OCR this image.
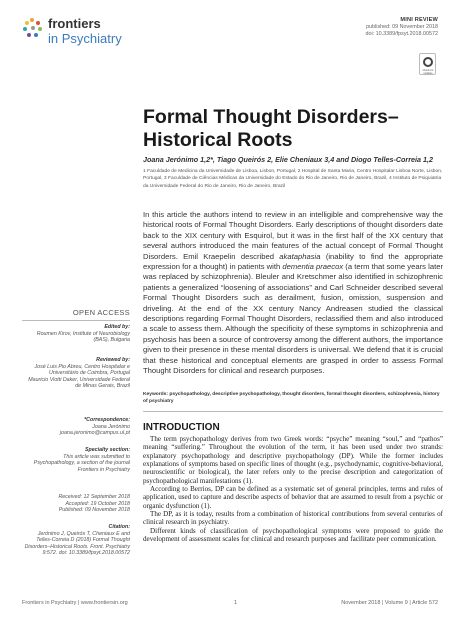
frontiers
in Psychiatry
MINI REVIEW
published: 09 November 2018
doi: 10.3389/fpsyt.2018.00572
Check for updates
Formal Thought Disorders–Historical Roots
Joana Jerónimo 1,2*, Tiago Queirós 2, Elie Cheniaux 3,4 and Diogo Telles-Correia 1,2
1 Faculdade de Medicina da Universidade de Lisboa, Lisbon, Portugal, 2 Hospital de Santa Maria, Centro Hospitalar Lisboa Norte, Lisbon, Portugal, 3 Faculdade de Ciências Médicas da Universidade do Estado do Rio de Janeiro, Rio de Janeiro, Brazil, 4 Instituto de Psiquiatria da Universidade Federal do Rio de Janeiro, Rio de Janeiro, Brazil
In this article the authors intend to review in an intelligible and comprehensive way the historical roots of Formal Thought Disorders. Early descriptions of thought disorders date back to the XIX century with Esquirol, but it was in the first half of the XX century that several authors introduced the main features of the actual concept of Formal Thought Disorders. Emil Kraepelin described akataphasia (inability to find the appropriate expression for a thought) in patients with dementia praecox (a term that some years later was replaced by schizophrenia). Bleuler and Kretschmer also identified in schizophrenic patients a generalized “loosening of associations” and Carl Schneider described several Formal Thought Disorders such as derailment, fusion, omission, suspension and driveling. At the end of the XX century Nancy Andreasen studied the classical descriptions regarding Formal Thought Disorders, reclassified them and also introduced a scale to assess them. Although the specificity of these symptoms in schizophrenia and psychosis has been a source of controversy among the different authors, the importance given to their presence in these mental disorders is universal. We defend that it is crucial that these historical and conceptual elements are grasped in order to assess Formal Thought Disorders for clinical and research purposes.
Keywords: psychopathology, descriptive psychopathology, thought disorders, formal thought disorders, schizophrenia, history of psychiatry
INTRODUCTION

The term psychopathology derives from two Greek words: “psyche” meaning “soul,” and “pathos” meaning “suffering.” Throughout the evolution of the term, it has been used under two strands: explanatory psychopathology and descriptive psychopathology (DP). While the former includes explanations of symptoms based on specific lines of thought (e.g., psychodynamic, cognitive-behavioral, neuroscientific or biological), the later refers only to the precise description and categorization of psychopathological manifestations (1).

According to Berrios, DP can be defined as a systematic set of general principles, terms and rules of application, used to capture and describe aspects of behavior that are assumed to result from a psychic or organic dysfunction (1).

The DP, as it is today, results from a combination of historical contributions from several centuries of clinical research in psychiatry.

Different kinds of classification of psychopathological symptoms were proposed to guide the development of assessment scales for clinical and research purposes and facilitate peer communication.

OPEN ACCESS
Edited by:
Roumen Kirov, Institute of Neurobiology (BAS), Bulgaria
Reviewed by:
José Luis Pio Abreu, Centro Hospitalar e Universitário de Coimbra, Portugal
Mauricio Viotti Daker, Universidade Federal de Minas Gerais, Brazil
*Correspondence:
Joana Jerónimo
joana.jeronimo@campus.ul.pt
Specialty section:
This article was submitted to Psychopathology, a section of the journal Frontiers in Psychiatry
Received: 12 September 2018
Accepted: 19 October 2018
Published: 09 November 2018
Citation:
Jerónimo J, Queirós T, Cheniaux E and Telles-Correia D (2018) Formal Thought Disorders–Historical Roots. Front. Psychiatry 9:572. doi: 10.3389/fpsyt.2018.00572
Frontiers in Psychiatry | www.frontiersin.org	1	November 2018 | Volume 9 | Article 572
